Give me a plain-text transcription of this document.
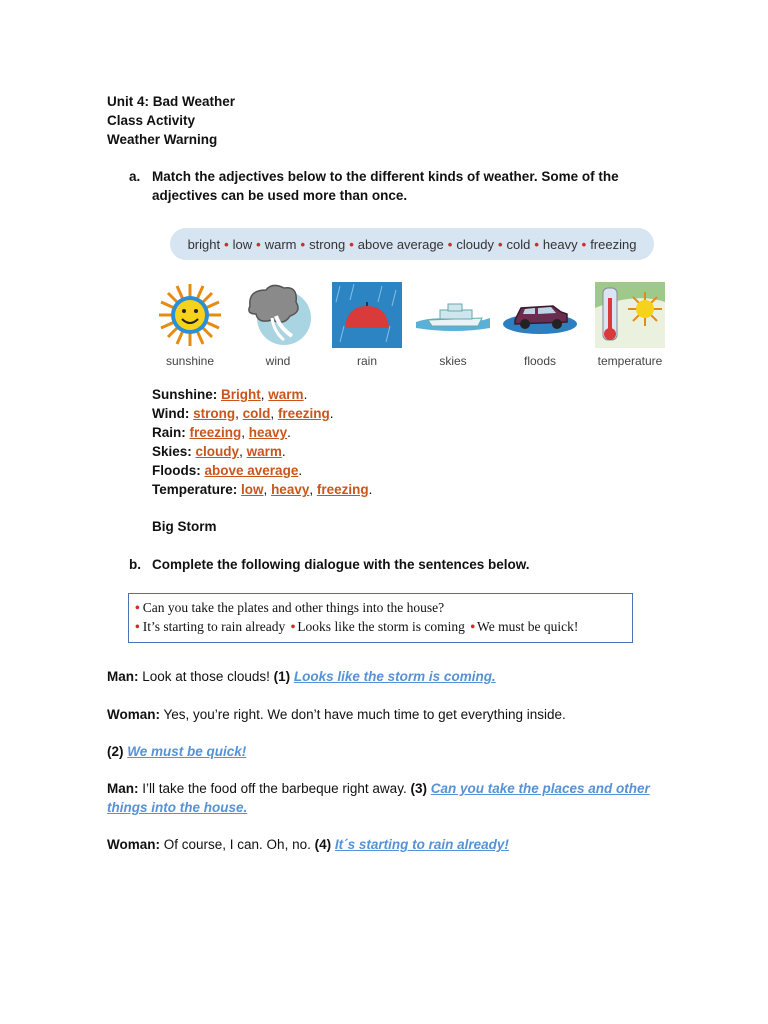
Unit 4: Bad Weather
Class Activity
Weather Warning
a. Match the adjectives below to the different kinds of weather. Some of the
adjectives can be used more than once.
bright • low • warm • strong • above average • cloudy • cold • heavy • freezing
sunshine	wind	rain	skies	floods	temperature
Sunshine: Bright, warm.
Wind: strong, cold, freezing.
Rain: freezing, heavy.
Skies: cloudy, warm.
Floods: above average.
Temperature: low, heavy, freezing.
Big Storm
b. Complete the following dialogue with the sentences below.
• Can you take the plates and other things into the house?
• It’s starting to rain already • Looks like the storm is coming • We must be quick!
Man: Look at those clouds! (1) Looks like the storm is coming.
Woman: Yes, you’re right. We don’t have much time to get everything inside.
(2) We must be quick!
Man: I’ll take the food off the barbeque right away. (3) Can you take the places and other things into the house.
Woman: Of course, I can. Oh, no. (4) It´s starting to rain already!
